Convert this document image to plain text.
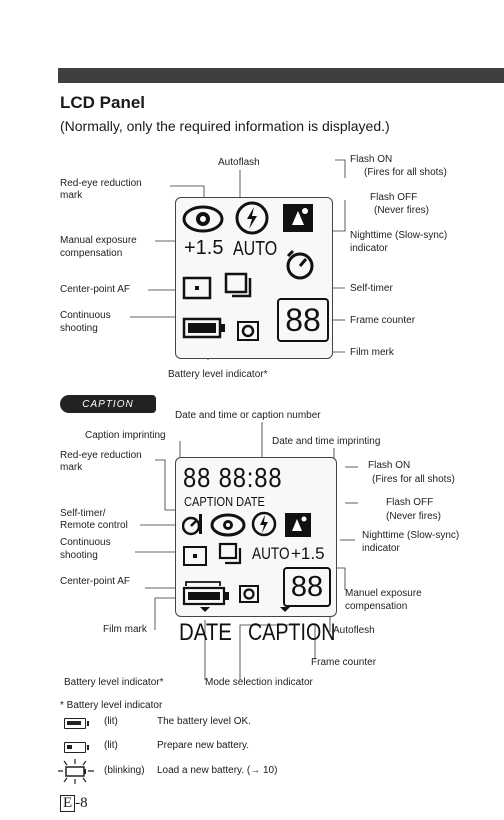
LCD Panel
(Normally, only the required information is displayed.)
+1.5 AUTO
88
Autoflash	Flash ON
(Fires for all shots)
Flash OFF
(Never fires)
Red-eye reduction
mark
Manual exposure
compensation
Nighttime (Slow-sync)
indicator
Center-point AF	Self-timer
Continuous
shooting
Frame counter
Film merk
Battery level indicator*
CAPTION
88 88:88
CAPTION DATE
AUTO +1.5
88
DATE CAPTION
Date and time or caption number
Caption imprinting
Date and time imprinting
Red-eye reduction
mark	Flash ON
(Fires for all shots)
Flash OFF
(Never fires)
Self-timer/
Remote control
Continuous
shooting
Nighttime (Slow-sync)
indicator
Center-point AF
Manuel exposure
compensation
Film mark	Autoflesh
Frame counter
Battery level indicator*	Mode selection indicator
* Battery level indicator
(lit)	The battery level OK.
(lit)	Prepare new battery.
(blinking) Load a new battery. (→ 10)
E -8
